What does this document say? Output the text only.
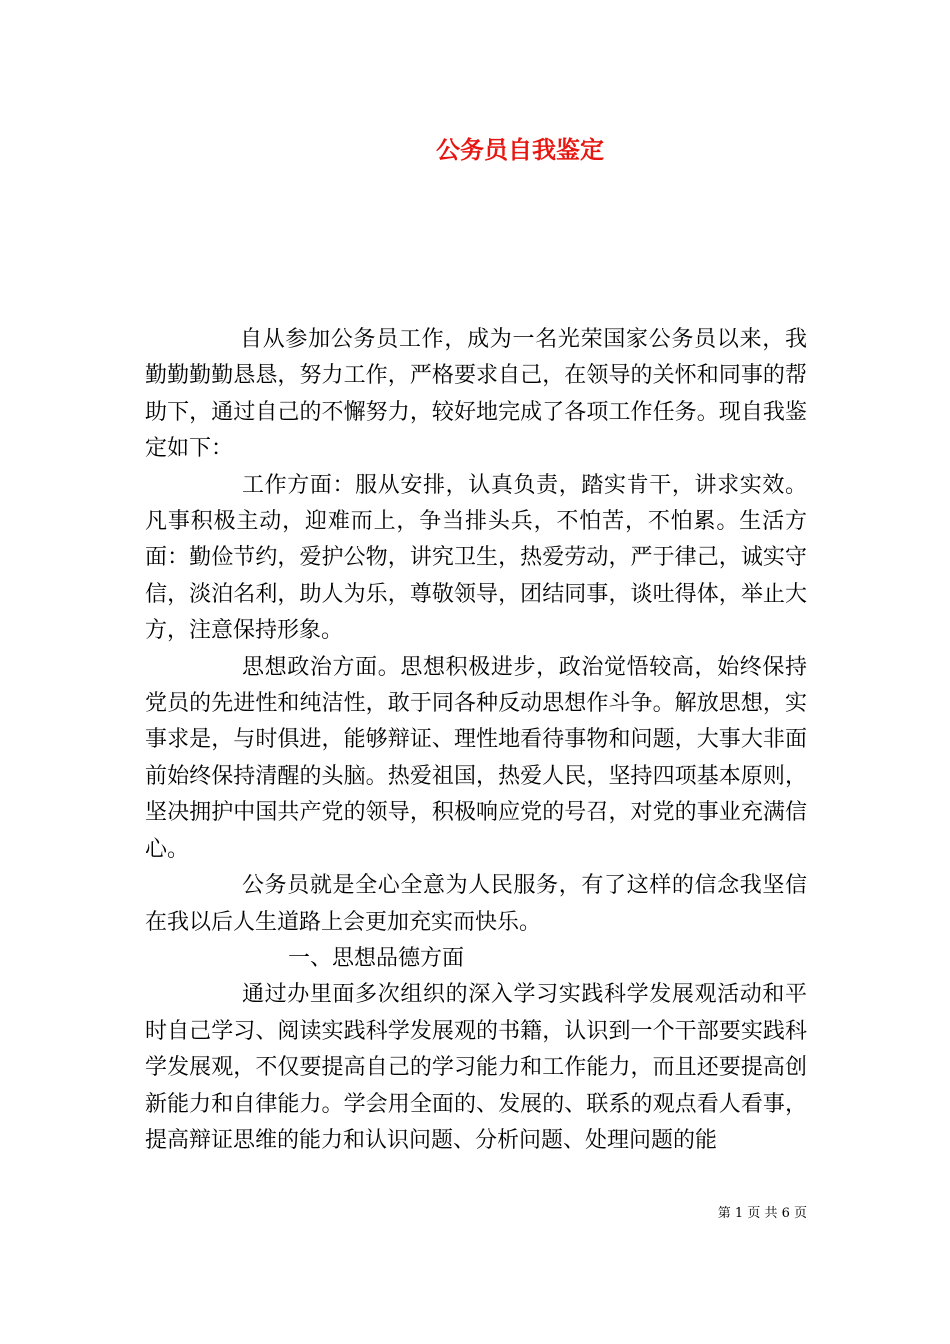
公务员自我鉴定

自从参加公务员工作，成为一名光荣国家公务员以来，我勤勤勤勤恳恳，努力工作，严格要求自己，在领导的关怀和同事的帮助下，通过自己的不懈努力，较好地完成了各项工作任务。现自我鉴定如下：

工作方面：服从安排，认真负责，踏实肯干，讲求实效。凡事积极主动，迎难而上，争当排头兵，不怕苦，不怕累。生活方面：勤俭节约，爱护公物，讲究卫生，热爱劳动，严于律己，诚实守信，淡泊名利，助人为乐，尊敬领导，团结同事，谈吐得体，举止大方，注意保持形象。

思想政治方面。思想积极进步，政治觉悟较高，始终保持党员的先进性和纯洁性，敢于同各种反动思想作斗争。解放思想，实事求是，与时俱进，能够辩证、理性地看待事物和问题，大事大非面前始终保持清醒的头脑。热爱祖国，热爱人民，坚持四项基本原则，坚决拥护中国共产党的领导，积极响应党的号召，对党的事业充满信心。

公务员就是全心全意为人民服务，有了这样的信念我坚信在我以后人生道路上会更加充实而快乐。

一、思想品德方面

通过办里面多次组织的深入学习实践科学发展观活动和平时自己学习、阅读实践科学发展观的书籍，认识到一个干部要实践科学发展观，不仅要提高自己的学习能力和工作能力，而且还要提高创新能力和自律能力。学会用全面的、发展的、联系的观点看人看事，提高辩证思维的能力和认识问题、分析问题、处理问题的能

第 1 页 共 6 页
